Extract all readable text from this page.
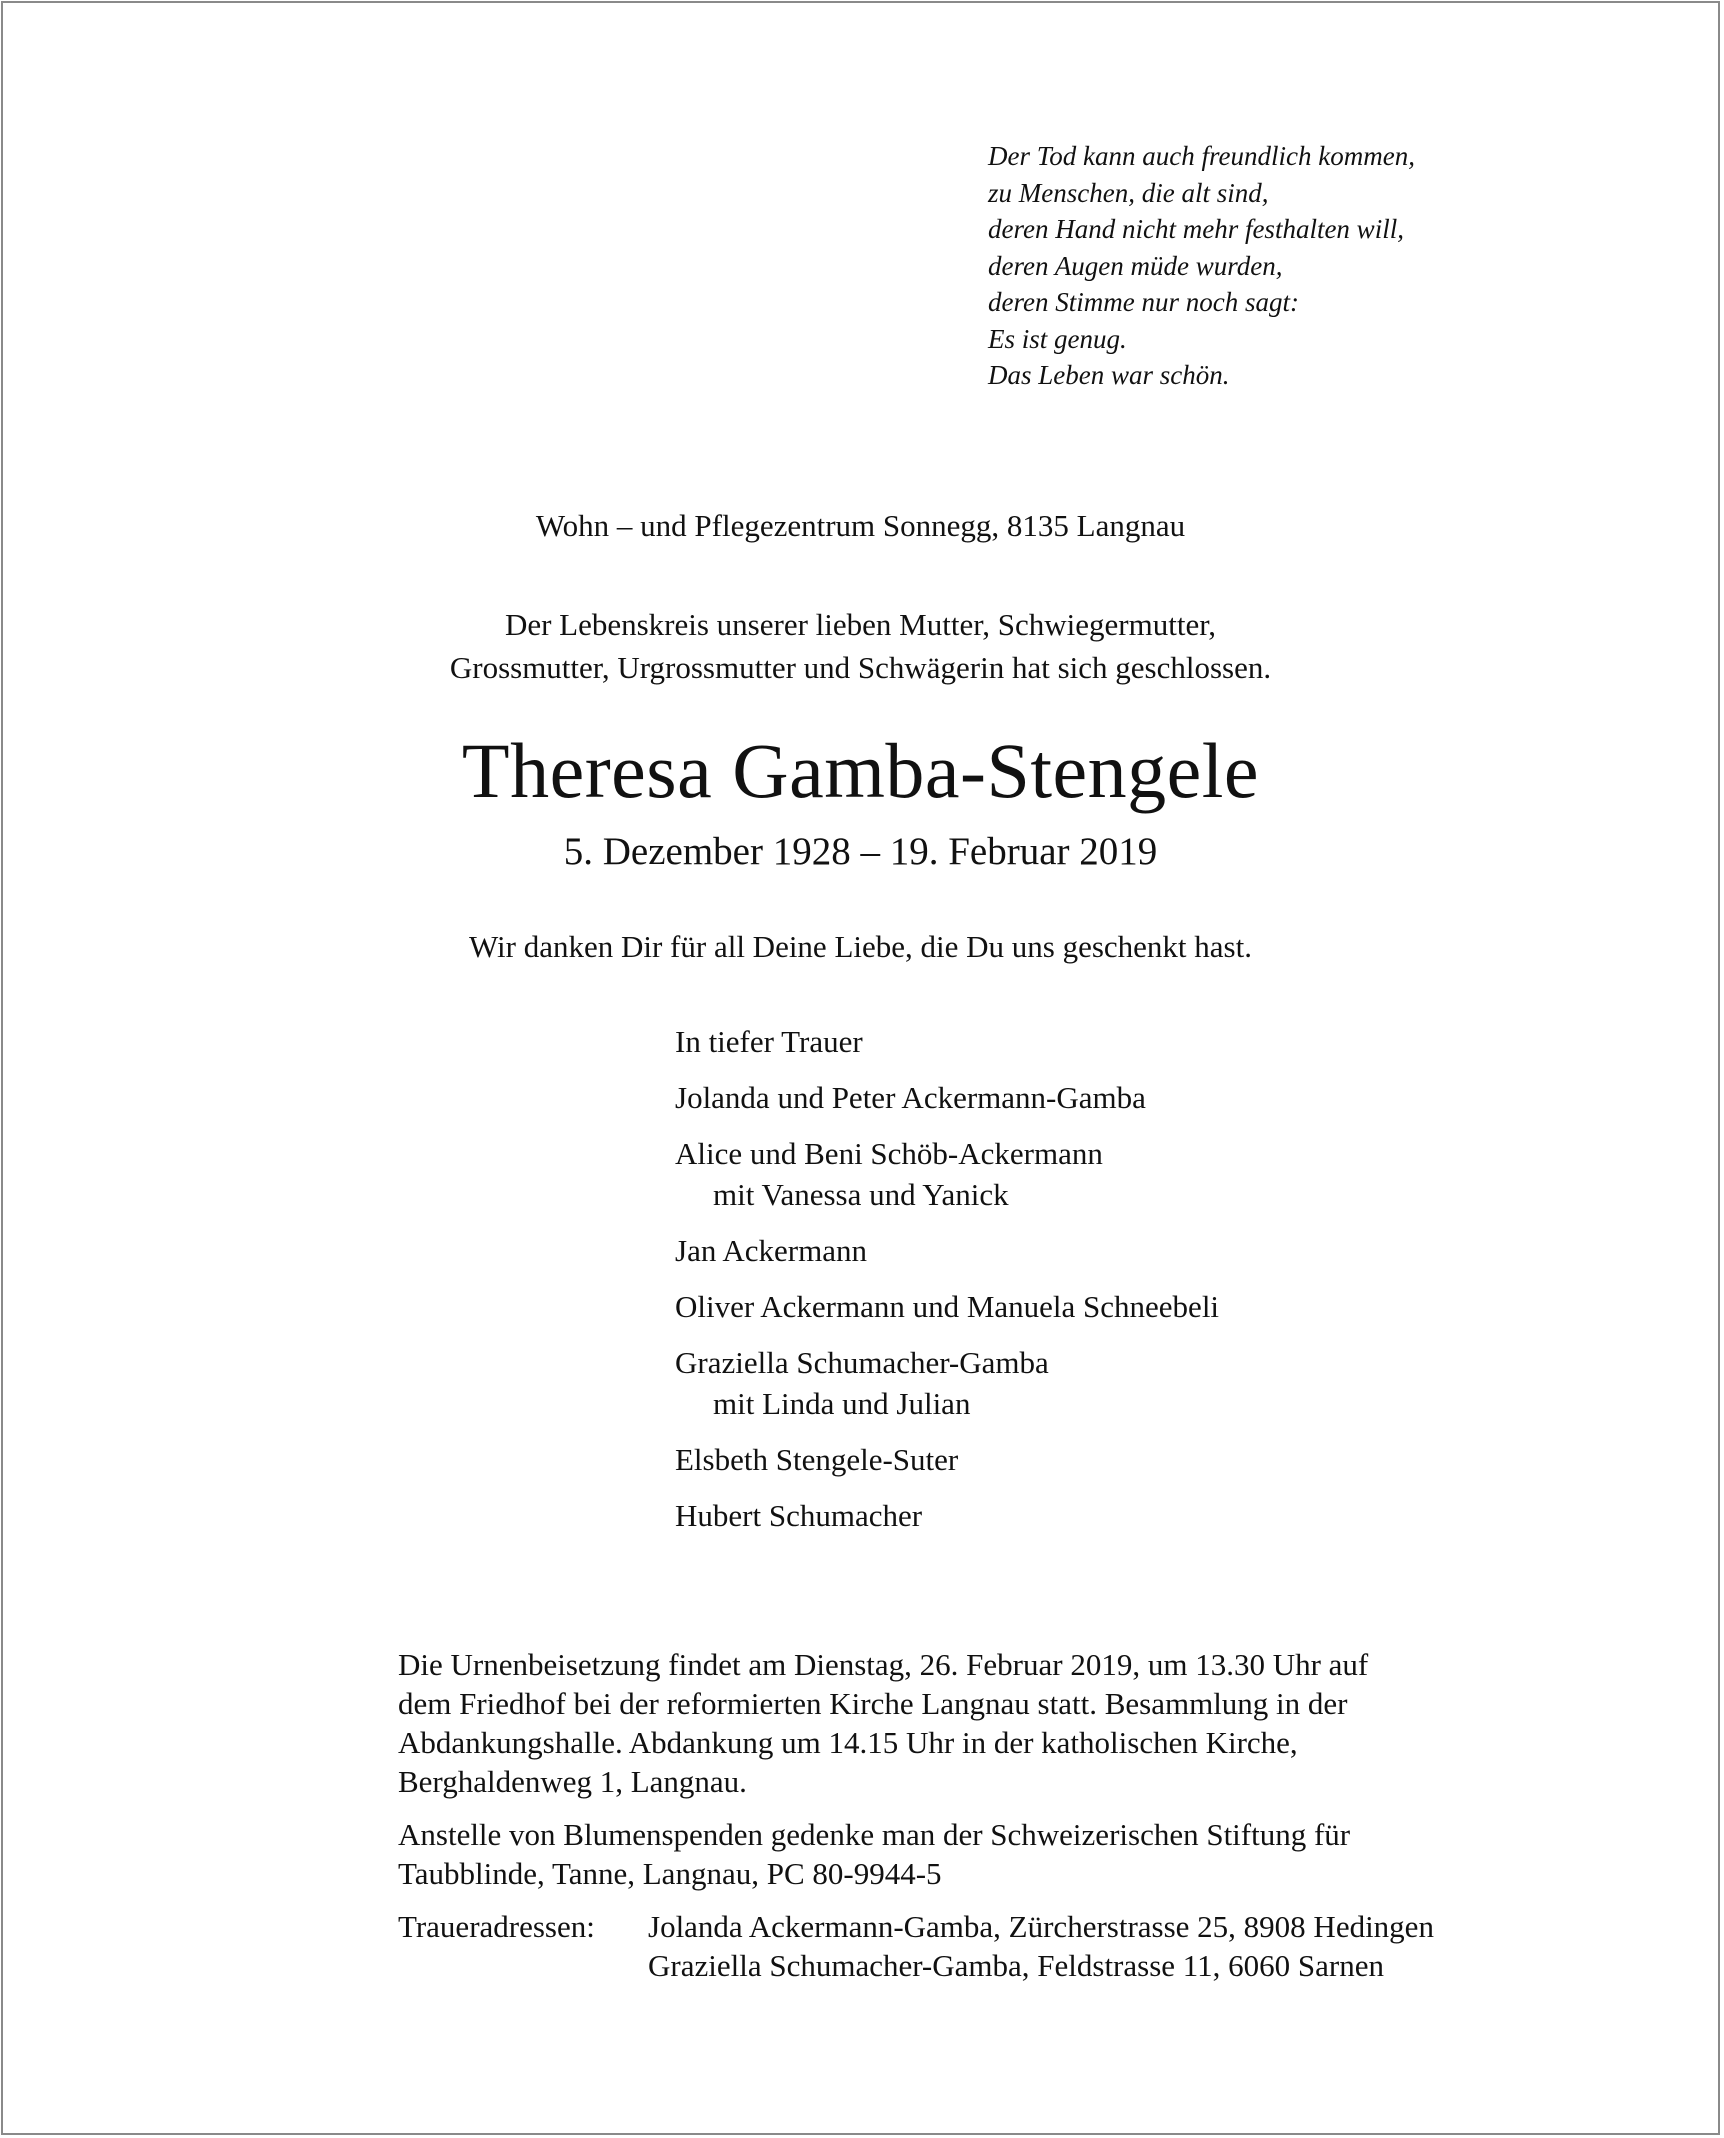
Der Tod kann auch freundlich kommen,
zu Menschen, die alt sind,
deren Hand nicht mehr festhalten will,
deren Augen müde wurden,
deren Stimme nur noch sagt:
Es ist genug.
Das Leben war schön.
Wohn – und Pflegezentrum Sonnegg, 8135 Langnau
Der Lebenskreis unserer lieben Mutter, Schwiegermutter,
Grossmutter, Urgrossmutter und Schwägerin hat sich geschlossen.
Theresa Gamba-Stengele
5. Dezember 1928 – 19. Februar 2019
Wir danken Dir für all Deine Liebe, die Du uns geschenkt hast.
In tiefer Trauer
Jolanda und Peter Ackermann-Gamba
Alice und Beni Schöb-Ackermann
mit Vanessa und Yanick
Jan Ackermann
Oliver Ackermann und Manuela Schneebeli
Graziella Schumacher-Gamba
mit Linda und Julian
Elsbeth Stengele-Suter
Hubert Schumacher

Die Urnenbeisetzung findet am Dienstag, 26. Februar 2019, um 13.30 Uhr auf
dem Friedhof bei der reformierten Kirche Langnau statt. Besammlung in der
Abdankungshalle. Abdankung um 14.15 Uhr in der katholischen Kirche,
Berghaldenweg 1, Langnau.

Anstelle von Blumenspenden gedenke man der Schweizerischen Stiftung für
Taubblinde, Tanne, Langnau, PC 80-9944-5

Traueradressen:	Jolanda Ackermann-Gamba, Zürcherstrasse 25, 8908 Hedingen
Graziella Schumacher-Gamba, Feldstrasse 11, 6060 Sarnen
